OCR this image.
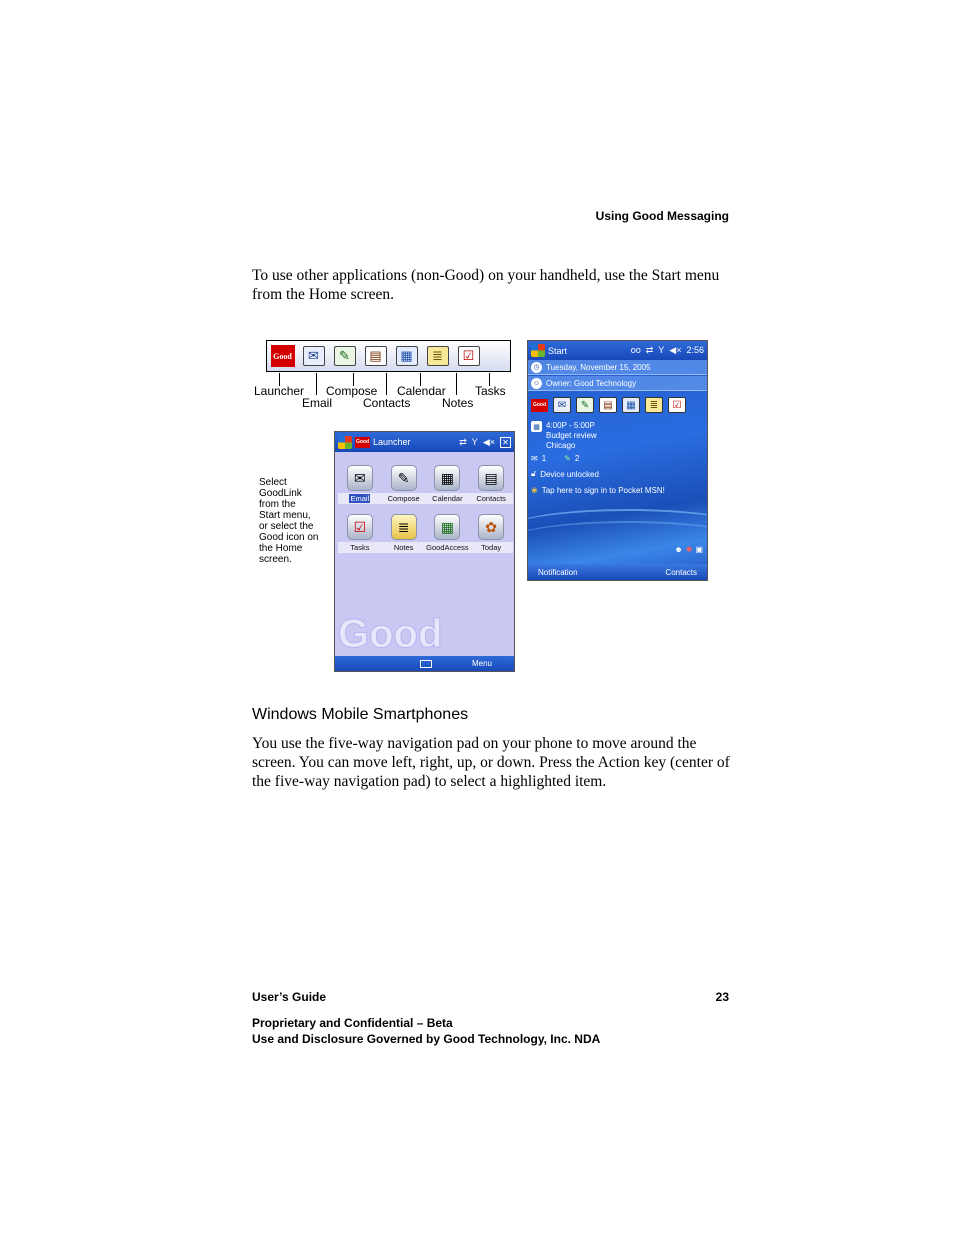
Using Good Messaging

To use other applications (non-Good) on your handheld, use the Start menu from the Home screen.

Good	✉	✎	▤	▦	≣	☑
Launcher Compose Calendar Tasks
Email	Contacts	Notes
Select
GoodLink
from the
Start menu,
or select the
Good icon on
the Home
screen.
Good Launcher	⇄ Y ◀× ✕
✉
Email
✎
Compose
▦
Calendar
▤
Contacts
☑
Tasks
≣
Notes
▦
GoodAccess
✿
Today
Good
Menu
Start	oo ⇄ Y ◀× 2:56
◷ Tuesday, November 15, 2005
☺ Owner: Good Technology
Good	✉	✎	▤	▦	≣	☑
▦ 4:00P - 5:00P
Budget review
Chicago
✉ 1 ✎ 2
🔓︎ Device unlocked
❀ Tap here to sign in to Pocket MSN!
☻ ✱ ▣
Notification	Contacts
Windows Mobile Smartphones

You use the five-way navigation pad on your phone to move around the screen. You can move left, right, up, or down. Press the Action key (center of the five-way navigation pad) to select a highlighted item.

User’s Guide	23
Proprietary and Confidential – Beta
Use and Disclosure Governed by Good Technology, Inc. NDA
